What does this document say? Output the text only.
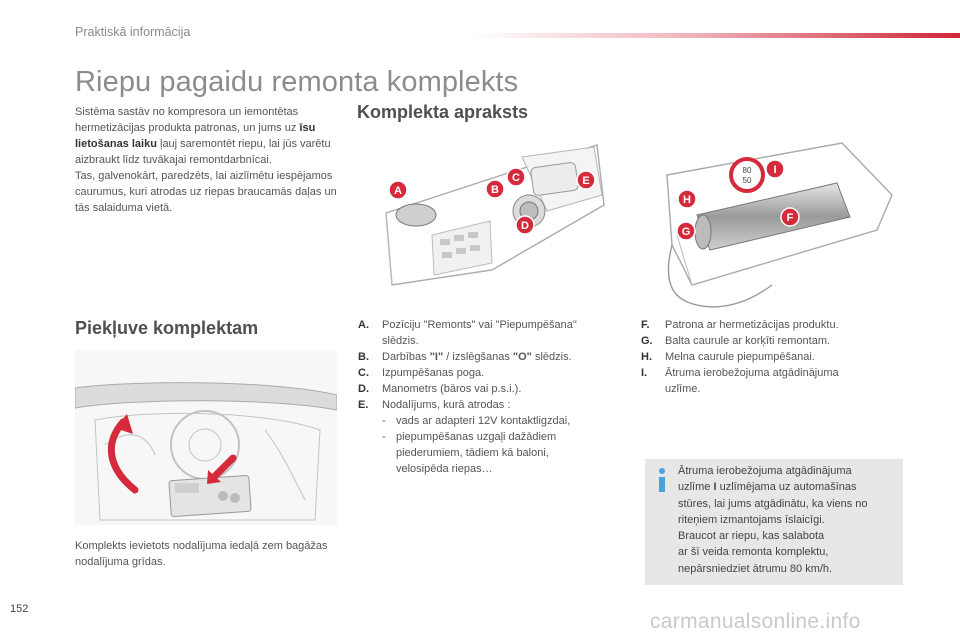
Praktiskā informācija
Riepu pagaidu remonta komplekts

Sistēma sastāv no kompresora un iemontētas hermetizācijas produkta patronas, un jums uz īsu lietošanas laiku ļauj saremontēt riepu, lai jūs varētu aizbraukt līdz tuvākajai remontdarbnīcai.

Tas, galvenokārt, paredzēts, lai aizlīmētu iespējamos caurumus, kuri atrodas uz riepas braucamās daļas un tās salaiduma vietā.

Komplekta apraksts
80
50
A	B
C
D
E
F
G
H
I
Piekļuve komplektam
Komplekts ievietots nodalījuma iedaļā zem bagāžas nodalījuma grīdas.
A.	Pozīciju "Remonts" vai "Piepumpēšana"
slēdzis.
B.	Darbības "I" / izslēgšanas "O" slēdzis.
C.	Izpumpēšanas poga.
D.	Manometrs (bāros vai p.s.i.).
E.	Nodalījums, kurā atrodas :
- vads ar adapteri 12V kontaktligzdai,
- piepumpēšanas uzgaļi dažādiem
piederumiem, tādiem kā baloni,
velosipēda riepas…
F.	Patrona ar hermetizācijas produktu.
G.	Balta caurule ar korķīti remontam.
H.	Melna caurule piepumpēšanai.
I.	Ātruma ierobežojuma atgādinājuma
uzlīme.
Ātruma ierobežojuma atgādinājuma
uzlīme I uzlīmējama uz automašīnas
stūres, lai jums atgādinātu, ka viens no
riteņiem izmantojams īslaicīgi.
Braucot ar riepu, kas salabota
ar šī veida remonta komplektu,
nepārsniedziet ātrumu 80 km/h.
152
carmanualsonline.info
